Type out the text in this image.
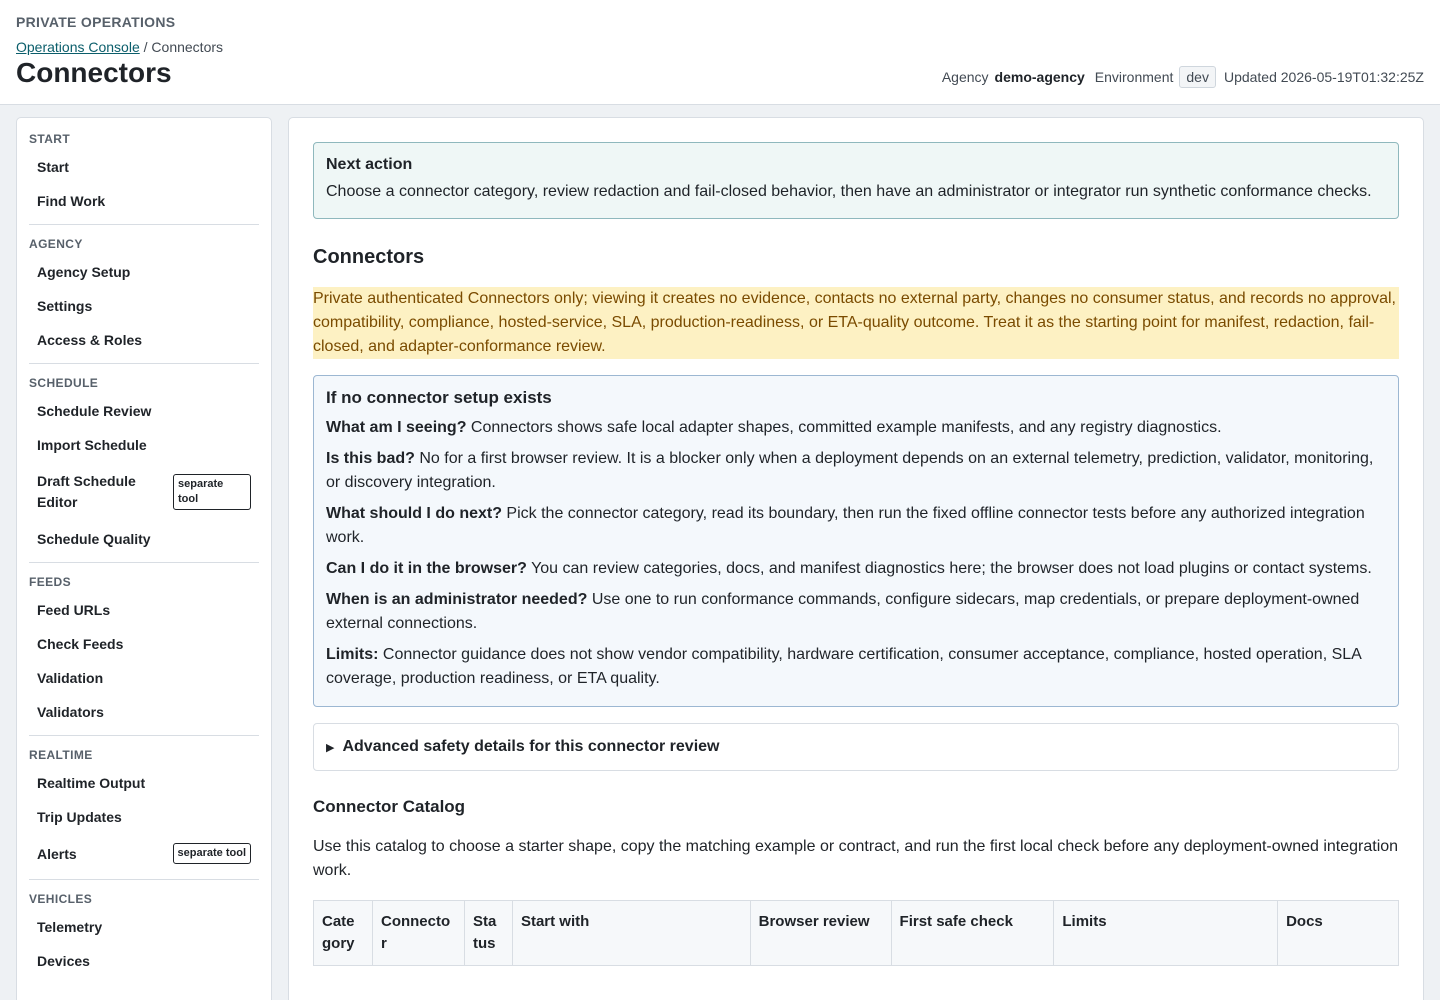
PRIVATE OPERATIONS
Operations Console / Connectors
Connectors	Agency demo-agency Environment dev	Updated 2026-05-19T01:32:25Z
START
Start
Find Work
AGENCY
Agency Setup
Settings
Access & Roles
SCHEDULE
Schedule Review
Import Schedule
Draft Schedule Editor
separate tool
Schedule Quality
FEEDS
Feed URLs
Check Feeds
Validation
Validators
REALTIME
Realtime Output
Trip Updates
Alerts	separate tool
VEHICLES
Telemetry
Devices
Next action

Choose a connector category, review redaction and fail-closed behavior, then have an administrator or integrator run synthetic conformance checks.

Connectors
Private authenticated Connectors only; viewing it creates no evidence, contacts no external party, changes no consumer status, and records no approval, compatibility, compliance, hosted-service, SLA, production-readiness, or ETA-quality outcome. Treat it as the starting point for manifest, redaction, fail-closed, and adapter-conformance review.
If no connector setup exists

What am I seeing? Connectors shows safe local adapter shapes, committed example manifests, and any registry diagnostics.

Is this bad? No for a first browser review. It is a blocker only when a deployment depends on an external telemetry, prediction, validator, monitoring, or discovery integration.

What should I do next? Pick the connector category, read its boundary, then run the fixed offline connector tests before any authorized integration work.

Can I do it in the browser? You can review categories, docs, and manifest diagnostics here; the browser does not load plugins or contact systems.

When is an administrator needed? Use one to run conformance commands, configure sidecars, map credentials, or prepare deployment-owned external connections.

Limits: Connector guidance does not show vendor compatibility, hardware certification, consumer acceptance, compliance, hosted operation, SLA coverage, production readiness, or ETA quality.

▶ Advanced safety details for this connector review
Connector Catalog

Use this catalog to choose a starter shape, copy the matching example or contract, and run the first local check before any deployment-owned integration work.

Cate gory	Connecto r	Sta tus	Start with	Browser review	First safe check	Limits	Docs
